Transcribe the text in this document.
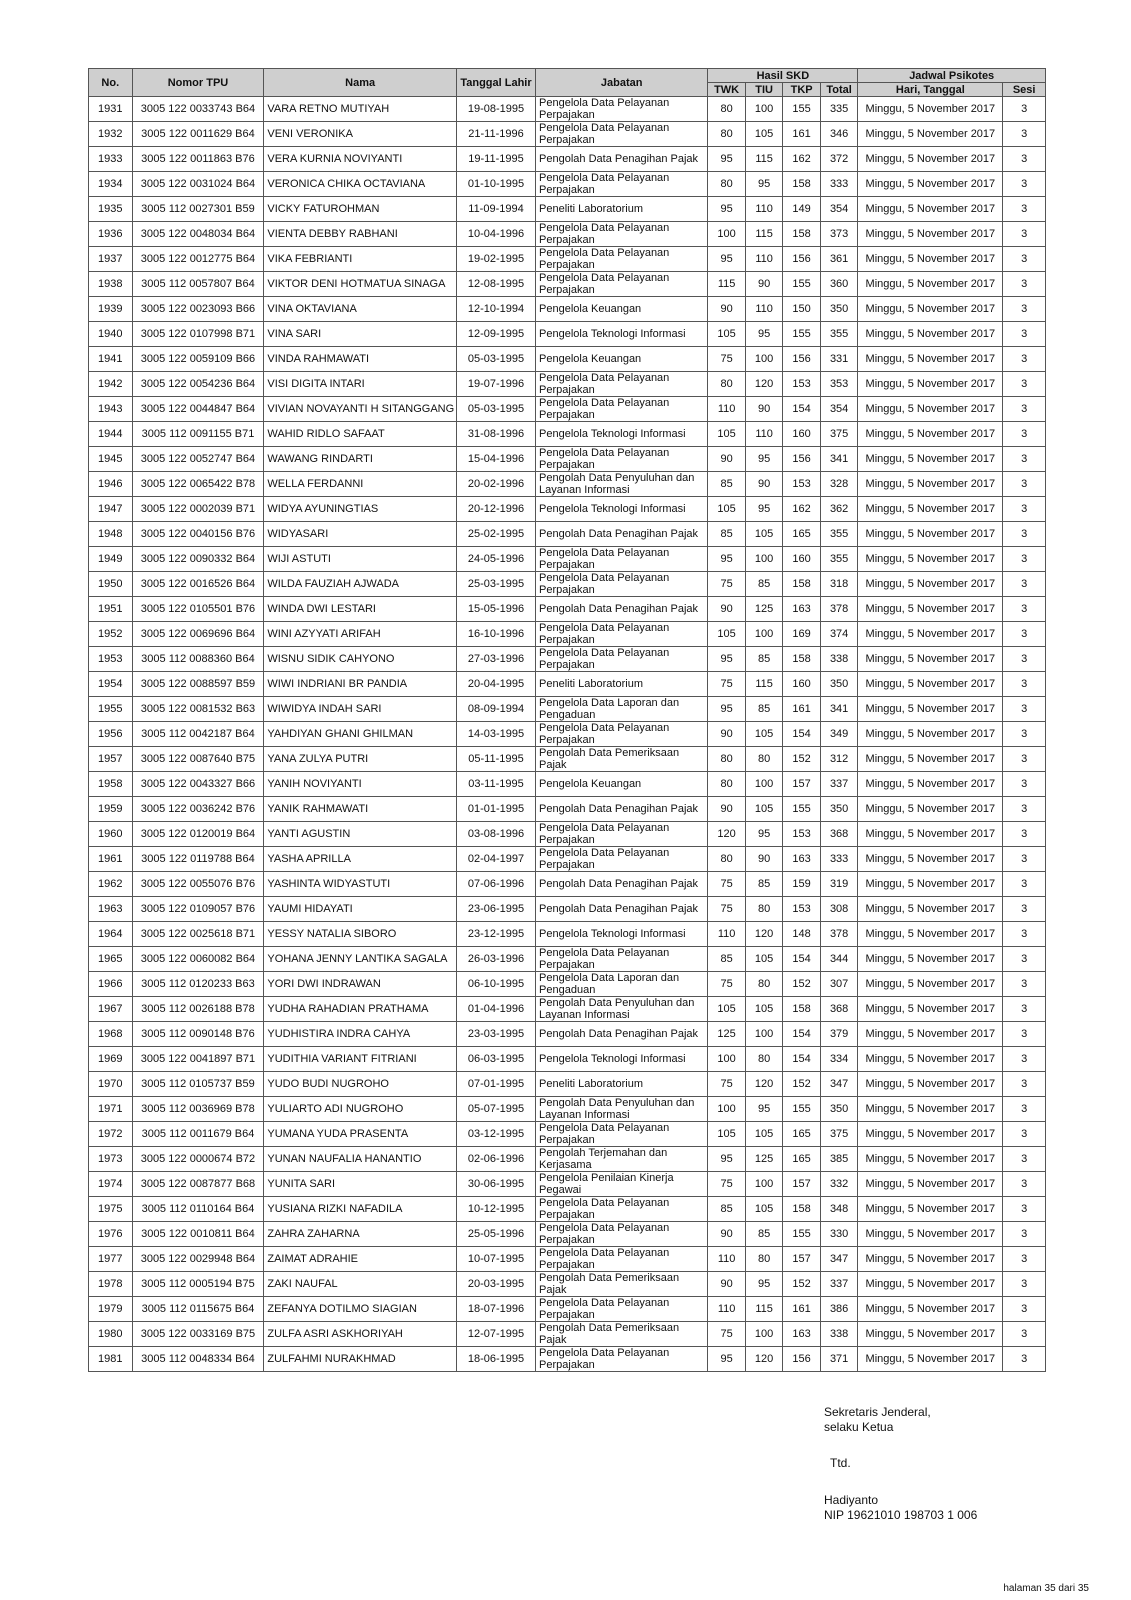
No.	Nomor TPU	Nama	Tanggal Lahir	Jabatan	Hasil SKD				Jadwal Psikotes	
					TWK	TIU	TKP	Total	Hari, Tanggal	Sesi
1931	3005 122 0033743 B64	VARA RETNO MUTIYAH	19-08-1995	Pengelola Data Pelayanan Perpajakan	80	100	155	335	Minggu, 5 November 2017	3
1932	3005 122 0011629 B64	VENI VERONIKA	21-11-1996	Pengelola Data Pelayanan Perpajakan	80	105	161	346	Minggu, 5 November 2017	3
1933	3005 122 0011863 B76	VERA KURNIA NOVIYANTI	19-11-1995	Pengolah Data Penagihan Pajak	95	115	162	372	Minggu, 5 November 2017	3
1934	3005 122 0031024 B64	VERONICA CHIKA OCTAVIANA	01-10-1995	Pengelola Data Pelayanan Perpajakan	80	95	158	333	Minggu, 5 November 2017	3
1935	3005 112 0027301 B59	VICKY FATUROHMAN	11-09-1994	Peneliti Laboratorium	95	110	149	354	Minggu, 5 November 2017	3
1936	3005 122 0048034 B64	VIENTA DEBBY RABHANI	10-04-1996	Pengelola Data Pelayanan Perpajakan	100	115	158	373	Minggu, 5 November 2017	3
1937	3005 122 0012775 B64	VIKA FEBRIANTI	19-02-1995	Pengelola Data Pelayanan Perpajakan	95	110	156	361	Minggu, 5 November 2017	3
1938	3005 112 0057807 B64	VIKTOR DENI HOTMATUA SINAGA	12-08-1995	Pengelola Data Pelayanan Perpajakan	115	90	155	360	Minggu, 5 November 2017	3
1939	3005 122 0023093 B66	VINA OKTAVIANA	12-10-1994	Pengelola Keuangan	90	110	150	350	Minggu, 5 November 2017	3
1940	3005 122 0107998 B71	VINA SARI	12-09-1995	Pengelola Teknologi Informasi	105	95	155	355	Minggu, 5 November 2017	3
1941	3005 122 0059109 B66	VINDA RAHMAWATI	05-03-1995	Pengelola Keuangan	75	100	156	331	Minggu, 5 November 2017	3
1942	3005 122 0054236 B64	VISI DIGITA INTARI	19-07-1996	Pengelola Data Pelayanan Perpajakan	80	120	153	353	Minggu, 5 November 2017	3
1943	3005 122 0044847 B64	VIVIAN NOVAYANTI H SITANGGANG	05-03-1995	Pengelola Data Pelayanan Perpajakan	110	90	154	354	Minggu, 5 November 2017	3
1944	3005 112 0091155 B71	WAHID RIDLO SAFAAT	31-08-1996	Pengelola Teknologi Informasi	105	110	160	375	Minggu, 5 November 2017	3
1945	3005 122 0052747 B64	WAWANG RINDARTI	15-04-1996	Pengelola Data Pelayanan Perpajakan	90	95	156	341	Minggu, 5 November 2017	3
1946	3005 122 0065422 B78	WELLA FERDANNI	20-02-1996	Pengolah Data Penyuluhan dan Layanan Informasi	85	90	153	328	Minggu, 5 November 2017	3
1947	3005 122 0002039 B71	WIDYA AYUNINGTIAS	20-12-1996	Pengelola Teknologi Informasi	105	95	162	362	Minggu, 5 November 2017	3
1948	3005 122 0040156 B76	WIDYASARI	25-02-1995	Pengolah Data Penagihan Pajak	85	105	165	355	Minggu, 5 November 2017	3
1949	3005 122 0090332 B64	WIJI ASTUTI	24-05-1996	Pengelola Data Pelayanan Perpajakan	95	100	160	355	Minggu, 5 November 2017	3
1950	3005 122 0016526 B64	WILDA FAUZIAH AJWADA	25-03-1995	Pengelola Data Pelayanan Perpajakan	75	85	158	318	Minggu, 5 November 2017	3
1951	3005 122 0105501 B76	WINDA DWI LESTARI	15-05-1996	Pengolah Data Penagihan Pajak	90	125	163	378	Minggu, 5 November 2017	3
1952	3005 122 0069696 B64	WINI AZYYATI ARIFAH	16-10-1996	Pengelola Data Pelayanan Perpajakan	105	100	169	374	Minggu, 5 November 2017	3
1953	3005 112 0088360 B64	WISNU SIDIK CAHYONO	27-03-1996	Pengelola Data Pelayanan Perpajakan	95	85	158	338	Minggu, 5 November 2017	3
1954	3005 122 0088597 B59	WIWI INDRIANI BR PANDIA	20-04-1995	Peneliti Laboratorium	75	115	160	350	Minggu, 5 November 2017	3
1955	3005 122 0081532 B63	WIWIDYA INDAH SARI	08-09-1994	Pengelola Data Laporan dan Pengaduan	95	85	161	341	Minggu, 5 November 2017	3
1956	3005 112 0042187 B64	YAHDIYAN GHANI GHILMAN	14-03-1995	Pengelola Data Pelayanan Perpajakan	90	105	154	349	Minggu, 5 November 2017	3
1957	3005 122 0087640 B75	YANA ZULYA PUTRI	05-11-1995	Pengolah Data Pemeriksaan Pajak	80	80	152	312	Minggu, 5 November 2017	3
1958	3005 122 0043327 B66	YANIH NOVIYANTI	03-11-1995	Pengelola Keuangan	80	100	157	337	Minggu, 5 November 2017	3
1959	3005 122 0036242 B76	YANIK RAHMAWATI	01-01-1995	Pengolah Data Penagihan Pajak	90	105	155	350	Minggu, 5 November 2017	3
1960	3005 122 0120019 B64	YANTI AGUSTIN	03-08-1996	Pengelola Data Pelayanan Perpajakan	120	95	153	368	Minggu, 5 November 2017	3
1961	3005 122 0119788 B64	YASHA APRILLA	02-04-1997	Pengelola Data Pelayanan Perpajakan	80	90	163	333	Minggu, 5 November 2017	3
1962	3005 122 0055076 B76	YASHINTA WIDYASTUTI	07-06-1996	Pengolah Data Penagihan Pajak	75	85	159	319	Minggu, 5 November 2017	3
1963	3005 122 0109057 B76	YAUMI HIDAYATI	23-06-1995	Pengolah Data Penagihan Pajak	75	80	153	308	Minggu, 5 November 2017	3
1964	3005 122 0025618 B71	YESSY NATALIA SIBORO	23-12-1995	Pengelola Teknologi Informasi	110	120	148	378	Minggu, 5 November 2017	3
1965	3005 122 0060082 B64	YOHANA JENNY LANTIKA SAGALA	26-03-1996	Pengelola Data Pelayanan Perpajakan	85	105	154	344	Minggu, 5 November 2017	3
1966	3005 112 0120233 B63	YORI DWI INDRAWAN	06-10-1995	Pengelola Data Laporan dan Pengaduan	75	80	152	307	Minggu, 5 November 2017	3
1967	3005 112 0026188 B78	YUDHA RAHADIAN PRATHAMA	01-04-1996	Pengolah Data Penyuluhan dan Layanan Informasi	105	105	158	368	Minggu, 5 November 2017	3
1968	3005 112 0090148 B76	YUDHISTIRA INDRA CAHYA	23-03-1995	Pengolah Data Penagihan Pajak	125	100	154	379	Minggu, 5 November 2017	3
1969	3005 122 0041897 B71	YUDITHIA VARIANT FITRIANI	06-03-1995	Pengelola Teknologi Informasi	100	80	154	334	Minggu, 5 November 2017	3
1970	3005 112 0105737 B59	YUDO BUDI NUGROHO	07-01-1995	Peneliti Laboratorium	75	120	152	347	Minggu, 5 November 2017	3
1971	3005 112 0036969 B78	YULIARTO ADI NUGROHO	05-07-1995	Pengolah Data Penyuluhan dan Layanan Informasi	100	95	155	350	Minggu, 5 November 2017	3
1972	3005 112 0011679 B64	YUMANA YUDA PRASENTA	03-12-1995	Pengelola Data Pelayanan Perpajakan	105	105	165	375	Minggu, 5 November 2017	3
1973	3005 122 0000674 B72	YUNAN NAUFALIA HANANTIO	02-06-1996	Pengolah Terjemahan dan Kerjasama	95	125	165	385	Minggu, 5 November 2017	3
1974	3005 122 0087877 B68	YUNITA SARI	30-06-1995	Pengelola Penilaian Kinerja Pegawai	75	100	157	332	Minggu, 5 November 2017	3
1975	3005 112 0110164 B64	YUSIANA RIZKI NAFADILA	10-12-1995	Pengelola Data Pelayanan Perpajakan	85	105	158	348	Minggu, 5 November 2017	3
1976	3005 122 0010811 B64	ZAHRA ZAHARNA	25-05-1996	Pengelola Data Pelayanan Perpajakan	90	85	155	330	Minggu, 5 November 2017	3
1977	3005 122 0029948 B64	ZAIMAT ADRAHIE	10-07-1995	Pengelola Data Pelayanan Perpajakan	110	80	157	347	Minggu, 5 November 2017	3
1978	3005 112 0005194 B75	ZAKI NAUFAL	20-03-1995	Pengolah Data Pemeriksaan Pajak	90	95	152	337	Minggu, 5 November 2017	3
1979	3005 112 0115675 B64	ZEFANYA DOTILMO SIAGIAN	18-07-1996	Pengelola Data Pelayanan Perpajakan	110	115	161	386	Minggu, 5 November 2017	3
1980	3005 122 0033169 B75	ZULFA ASRI ASKHORIYAH	12-07-1995	Pengolah Data Pemeriksaan Pajak	75	100	163	338	Minggu, 5 November 2017	3
1981	3005 112 0048334 B64	ZULFAHMI NURAKHMAD	18-06-1995	Pengelola Data Pelayanan Perpajakan	95	120	156	371	Minggu, 5 November 2017	3
Sekretaris Jenderal,
selaku Ketua
Ttd.
Hadiyanto
NIP 19621010 198703 1 006
halaman 35 dari 35
